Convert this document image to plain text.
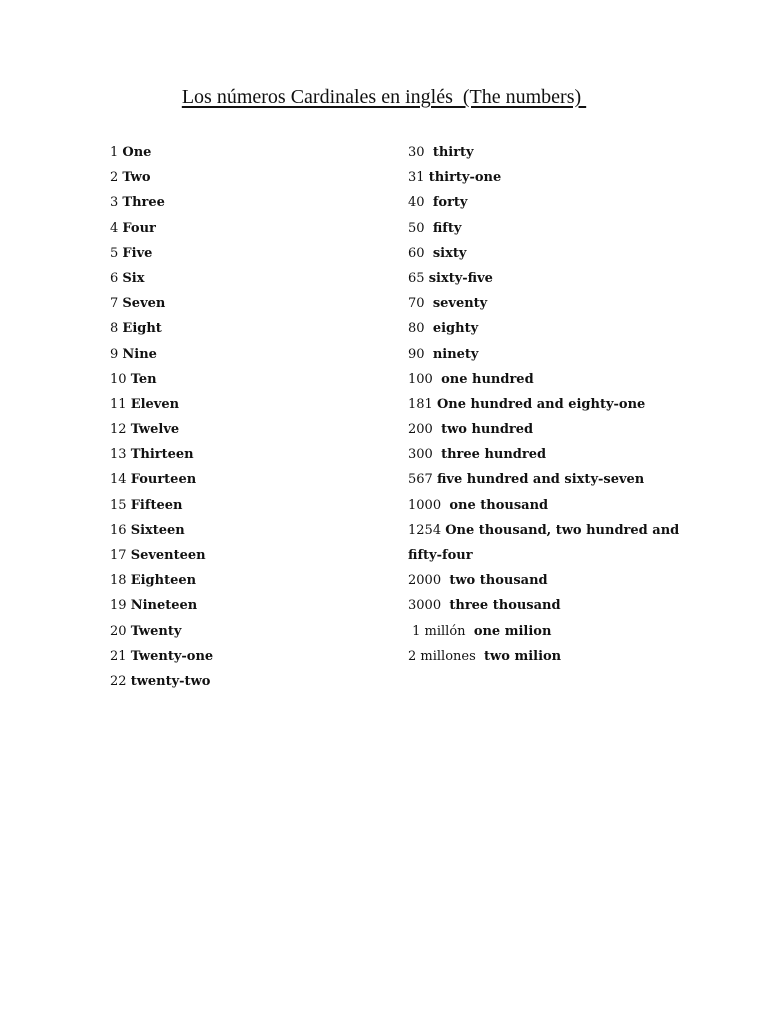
Los números Cardinales en inglés  (The numbers)
1 One
2 Two
3 Three
4 Four
5 Five
6 Six
7 Seven
8 Eight
9 Nine
10 Ten
11 Eleven
12 Twelve
13 Thirteen
14 Fourteen
15 Fifteen
16 Sixteen
17 Seventeen
18 Eighteen
19 Nineteen
20 Twenty
21 Twenty-one
22 twenty-two
30  thirty
31 thirty-one
40  forty
50  fifty
60  sixty
65 sixty-five
70  seventy
80  eighty
90  ninety
100  one hundred
181 One hundred and eighty-one
200  two hundred
300  three hundred
567 five hundred and sixty-seven
1000  one thousand
1254 One thousand, two hundred and
fifty-four
2000  two thousand
3000  three thousand
1 millón  one milion
2 millones  two milion
